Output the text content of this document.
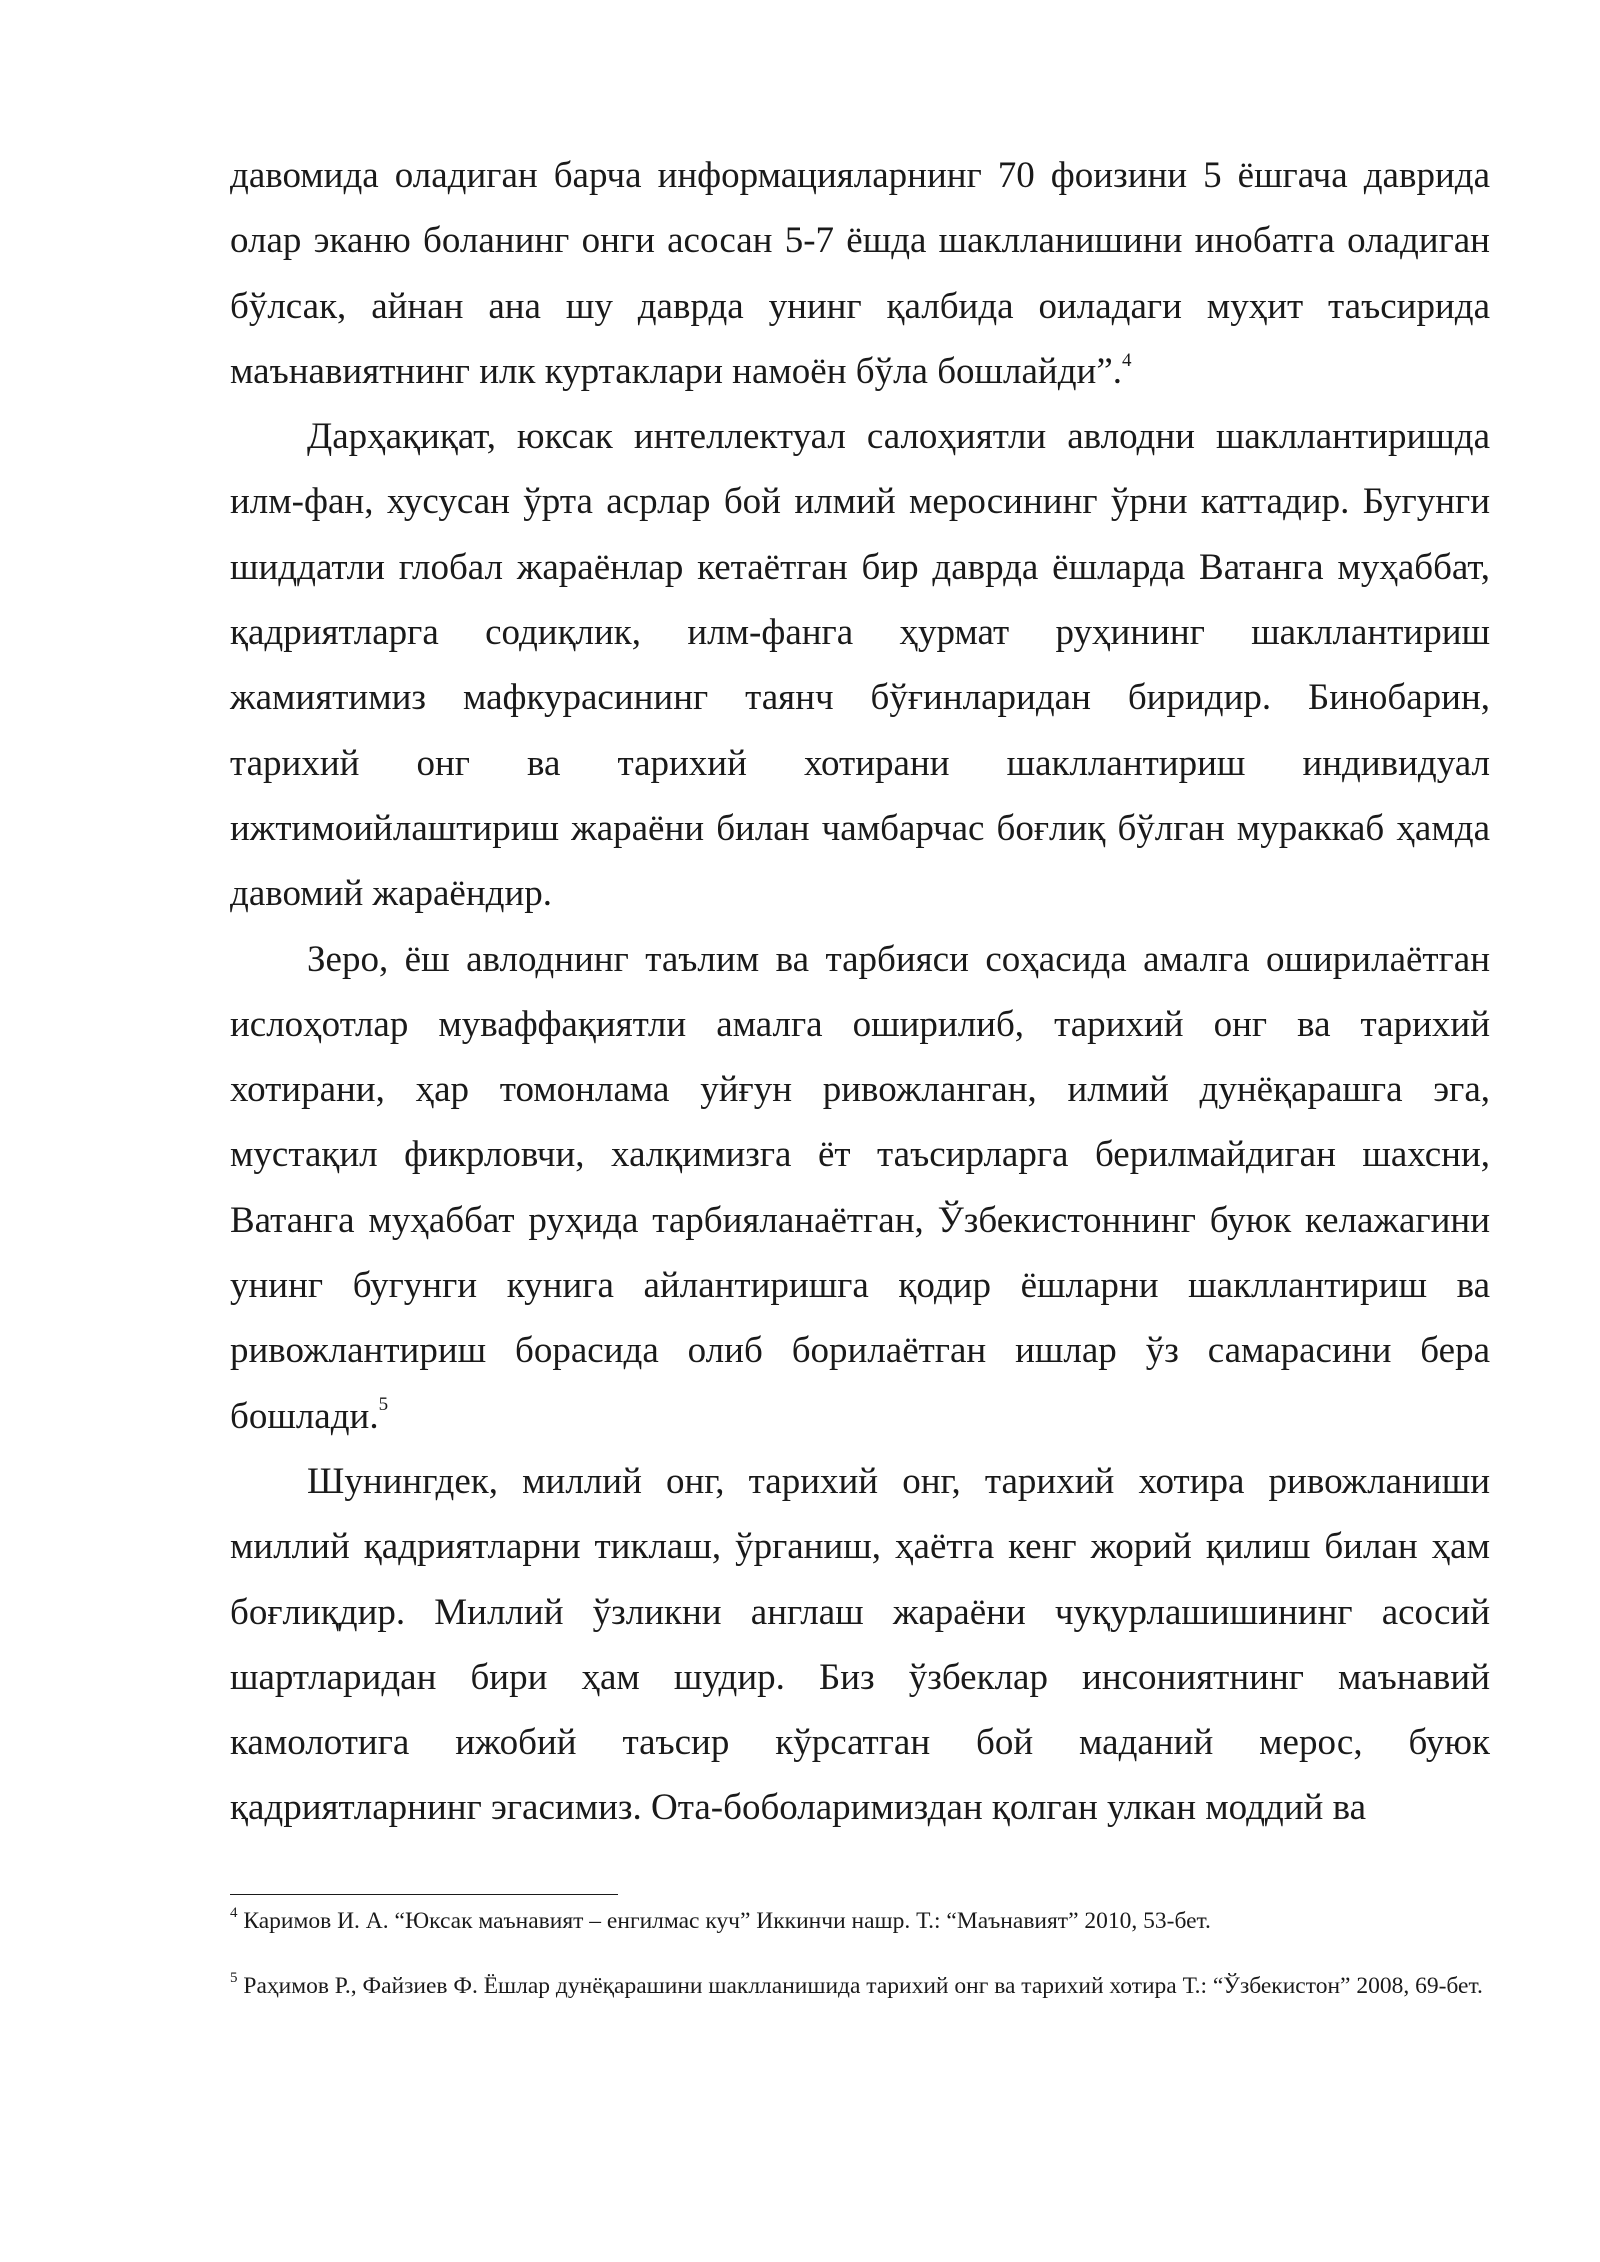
давомида оладиган барча информацияларнинг 70 фоизини 5 ёшгача даврида олар эканю боланинг онги асосан 5-7 ёшда шаклланишини инобатга оладиган бўлсак, айнан ана шу даврда унинг қалбида оиладаги муҳит таъсирида маънавиятнинг илк куртаклари намоён бўла бошлайди”.$^4$

Дарҳақиқат, юксак интеллектуал салоҳиятли авлодни шакллантиришда илм-фан, хусусан ўрта асрлар бой илмий меросининг ўрни каттадир. Бугунги шиддатли глобал жараёнлар кетаётган бир даврда ёшларда Ватанга муҳаббат, қадриятларга содиқлик, илм-фанга ҳурмат руҳининг шакллантириш жамиятимиз мафкурасининг таянч бўғинларидан биридир. Бинобарин, тарихий онг ва тарихий хотирани шакллантириш индивидуал ижтимоийлаштириш жараёни билан чамбарчас боғлиқ бўлган мураккаб ҳамда давомий жараёндир.

Зеро, ёш авлоднинг таълим ва тарбияси соҳасида амалга оширилаётган ислоҳотлар муваффақиятли амалга оширилиб, тарихий онг ва тарихий хотирани, ҳар томонлама уйғун ривожланган, илмий дунёқарашга эга, мустақил фикрловчи, халқимизга ёт таъсирларга берилмайдиган шахсни, Ватанга муҳаббат руҳида тарбияланаётган, Ўзбекистоннинг буюк келажагини унинг бугунги кунига айлантиришга қодир ёшларни шакллантириш ва ривожлантириш борасида олиб борилаётган ишлар ўз самарасини бера бошлади.$^5$

Шунингдек, миллий онг, тарихий онг, тарихий хотира ривожланиши миллий қадриятларни тиклаш, ўрганиш, ҳаётга кенг жорий қилиш билан ҳам боғлиқдир. Миллий ўзликни англаш жараёни чуқурлашишининг асосий шартларидан бири ҳам шудир. Биз ўзбеклар инсониятнинг маънавий камолотига ижобий таъсир кўрсатган бой маданий мерос, буюк қадриятларнинг эгасимиз. Ота-боболаримиздан қолган улкан моддий ва

$^4$ Каримов И. А. “Юксак маънавият – енгилмас куч” Иккинчи нашр. Т.: “Маънавият” 2010, 53-бет.

$^5$ Раҳимов Р., Файзиев Ф. Ёшлар дунёқарашини шаклланишида тарихий онг ва тарихий хотира Т.: “Ўзбекистон” 2008, 69-бет.
